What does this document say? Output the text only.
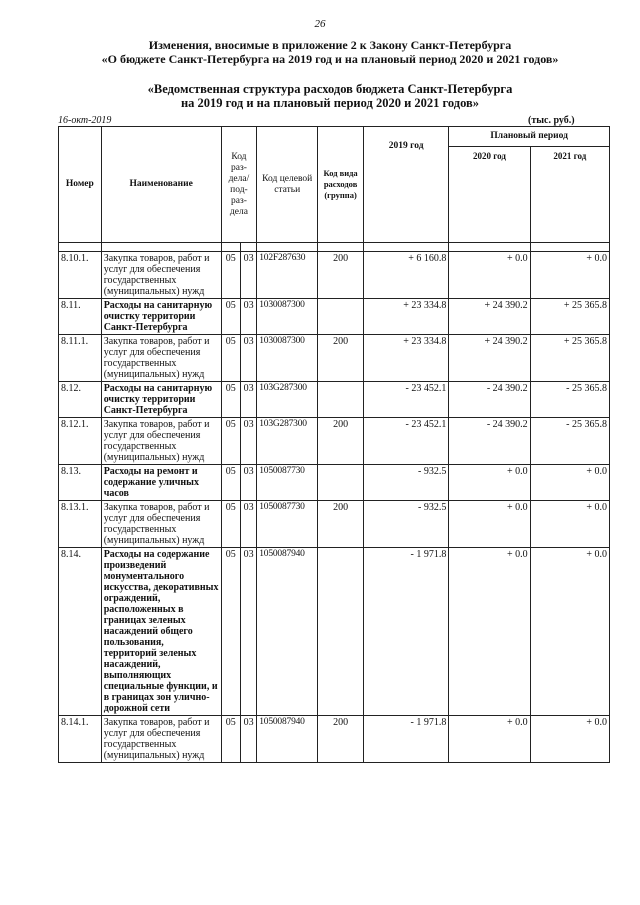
26
Изменения, вносимые в приложение 2 к Закону Санкт-Петербурга
«О бюджете Санкт-Петербурга на 2019 год и на плановый период 2020 и 2021 годов»
«Ведомственная структура расходов бюджета Санкт-Петербурга
на 2019 год и на плановый период 2020 и 2021 годов»
16-окт-2019	(тыс. руб.)
Номер	Наименование	Код раз-дела/ под-раз-дела		Код целевой статьи	Код вида расходов (группа)	2019 год	Плановый период	
							2020 год	2021 год

8.10.1.	Закупка товаров, работ и услуг для обеспечения государственных (муниципальных) нужд	05	03	102F287630	200	+ 6 160.8	+ 0.0	+ 0.0
8.11.	Расходы на санитарную очистку территории Санкт-Петербурга	05	03	1030087300		+ 23 334.8	+ 24 390.2	+ 25 365.8
8.11.1.	Закупка товаров, работ и услуг для обеспечения государственных (муниципальных) нужд	05	03	1030087300	200	+ 23 334.8	+ 24 390.2	+ 25 365.8
8.12.	Расходы на санитарную очистку территории Санкт-Петербурга	05	03	103G287300		- 23 452.1	- 24 390.2	- 25 365.8
8.12.1.	Закупка товаров, работ и услуг для обеспечения государственных (муниципальных) нужд	05	03	103G287300	200	- 23 452.1	- 24 390.2	- 25 365.8
8.13.	Расходы на ремонт и содержание уличных часов	05	03	1050087730		- 932.5	+ 0.0	+ 0.0
8.13.1.	Закупка товаров, работ и услуг для обеспечения государственных (муниципальных) нужд	05	03	1050087730	200	- 932.5	+ 0.0	+ 0.0
8.14.	Расходы на содержание произведений монументального искусства, декоративных ограждений, расположенных в границах зеленых насаждений общего пользования, территорий зеленых насаждений, выполняющих специальные функции, и в границах зон улично-дорожной сети	05	03	1050087940		- 1 971.8	+ 0.0	+ 0.0
8.14.1.	Закупка товаров, работ и услуг для обеспечения государственных (муниципальных) нужд	05	03	1050087940	200	- 1 971.8	+ 0.0	+ 0.0
